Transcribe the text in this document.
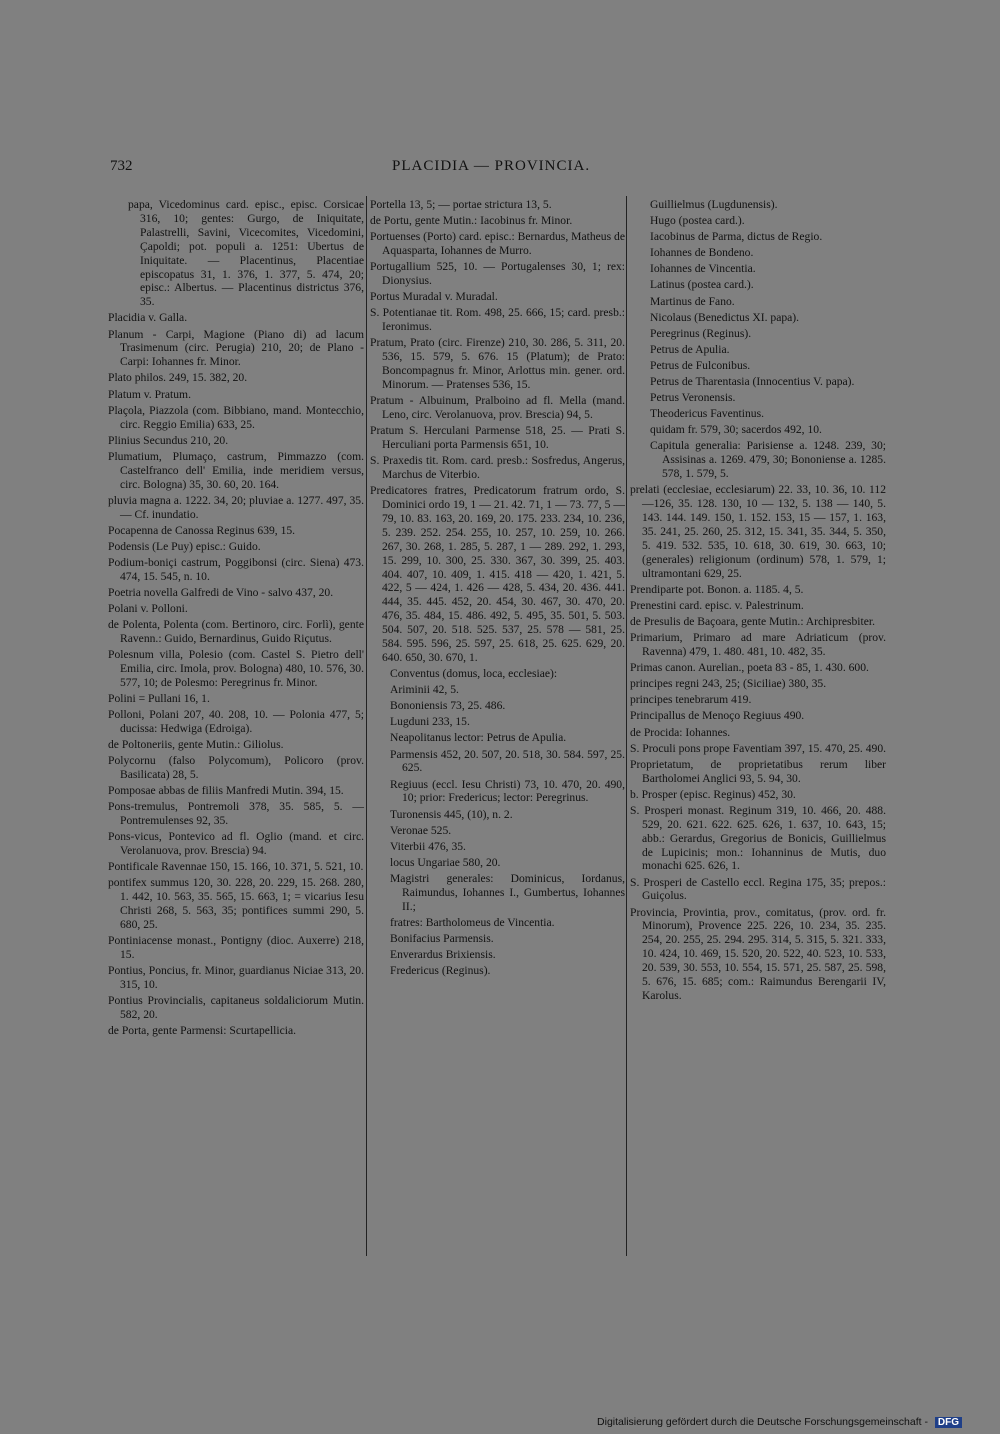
732	PLACIDIA — PROVINCIA.
papa, Vicedominus card. episc., episc. Corsicae 316, 10; gentes: Gurgo, de Iniquitate, Palastrelli, Savini, Vicecomites, Vicedomini, Çapoldi; pot. populi a. 1251: Ubertus de Iniquitate. — Placentinus, Placentiae episcopatus 31, 1. 376, 1. 377, 5. 474, 20; episc.: Albertus. — Placentinus districtus 376, 35.
Placidia v. Galla.
Planum - Carpi, Magione (Piano di) ad lacum Trasimenum (circ. Perugia) 210, 20; de Plano - Carpi: Iohannes fr. Minor.
Plato philos. 249, 15. 382, 20.
Platum v. Pratum.
Plaçola, Piazzola (com. Bibbiano, mand. Montecchio, circ. Reggio Emilia) 633, 25.
Plinius Secundus 210, 20.
Plumatium, Plumaço, castrum, Pimmazzo (com. Castelfranco dell' Emilia, inde meridiem versus, circ. Bologna) 35, 30. 60, 20. 164.
pluvia magna a. 1222. 34, 20; pluviae a. 1277. 497, 35. — Cf. inundatio.
Pocapenna de Canossa Reginus 639, 15.
Podensis (Le Puy) episc.: Guido.
Podium-boniçi castrum, Poggibonsi (circ. Siena) 473. 474, 15. 545, n. 10.
Poetria novella Galfredi de Vino - salvo 437, 20.
Polani v. Polloni.
de Polenta, Polenta (com. Bertinoro, circ. Forlì), gente Ravenn.: Guido, Bernardinus, Guido Riçutus.
Polesnum villa, Polesio (com. Castel S. Pietro dell' Emilia, circ. Imola, prov. Bologna) 480, 10. 576, 30. 577, 10; de Polesmo: Peregrinus fr. Minor.
Polini = Pullani 16, 1.
Polloni, Polani 207, 40. 208, 10. — Polonia 477, 5; ducissa: Hedwiga (Edroiga).
de Poltoneriis, gente Mutin.: Giliolus.
Polycornu (falso Polycomum), Policoro (prov. Basilicata) 28, 5.
Pomposae abbas de filiis Manfredi Mutin. 394, 15.
Pons-tremulus, Pontremoli 378, 35. 585, 5. — Pontremulenses 92, 35.
Pons-vicus, Pontevico ad fl. Oglio (mand. et circ. Verolanuova, prov. Brescia) 94.
Pontificale Ravennae 150, 15. 166, 10. 371, 5. 521, 10.
pontifex summus 120, 30. 228, 20. 229, 15. 268. 280, 1. 442, 10. 563, 35. 565, 15. 663, 1; = vicarius Iesu Christi 268, 5. 563, 35; pontifices summi 290, 5. 680, 25.
Pontiniacense monast., Pontigny (dioc. Auxerre) 218, 15.
Pontius, Poncius, fr. Minor, guardianus Niciae 313, 20. 315, 10.
Pontius Provincialis, capitaneus soldaliciorum Mutin. 582, 20.
de Porta, gente Parmensi: Scurtapellicia.
Portella 13, 5; — portae strictura 13, 5.
de Portu, gente Mutin.: Iacobinus fr. Minor.
Portuenses (Porto) card. episc.: Bernardus, Matheus de Aquasparta, Iohannes de Murro.
Portugallium 525, 10. — Portugalenses 30, 1; rex: Dionysius.
Portus Muradal v. Muradal.
S. Potentianae tit. Rom. 498, 25. 666, 15; card. presb.: Ieronimus.
Pratum, Prato (circ. Firenze) 210, 30. 286, 5. 311, 20. 536, 15. 579, 5. 676. 15 (Platum); de Prato: Boncompagnus fr. Minor, Arlottus min. gener. ord. Minorum. — Pratenses 536, 15.
Pratum - Albuinum, Pralboino ad fl. Mella (mand. Leno, circ. Verolanuova, prov. Brescia) 94, 5.
Pratum S. Herculani Parmense 518, 25. — Prati S. Herculiani porta Parmensis 651, 10.
S. Praxedis tit. Rom. card. presb.: Sosfredus, Angerus, Marchus de Viterbio.
Predicatores fratres, Predicatorum fratrum ordo, S. Dominici ordo 19, 1 — 21. 42. 71, 1 — 73. 77, 5 — 79, 10. 83. 163, 20. 169, 20. 175. 233. 234, 10. 236, 5. 239. 252. 254. 255, 10. 257, 10. 259, 10. 266. 267, 30. 268, 1. 285, 5. 287, 1 — 289. 292, 1. 293, 15. 299, 10. 300, 25. 330. 367, 30. 399, 25. 403. 404. 407, 10. 409, 1. 415. 418 — 420, 1. 421, 5. 422, 5 — 424, 1. 426 — 428, 5. 434, 20. 436. 441. 444, 35. 445. 452, 20. 454, 30. 467, 30. 470, 20. 476, 35. 484, 15. 486. 492, 5. 495, 35. 501, 5. 503. 504. 507, 20. 518. 525. 537, 25. 578 — 581, 25. 584. 595. 596, 25. 597, 25. 618, 25. 625. 629, 20. 640. 650, 30. 670, 1.
Conventus (domus, loca, ecclesiae):
Ariminii 42, 5.
Bononiensis 73, 25. 486.
Lugduni 233, 15.
Neapolitanus lector: Petrus de Apulia.
Parmensis 452, 20. 507, 20. 518, 30. 584. 597, 25. 625.
Regiuus (eccl. Iesu Christi) 73, 10. 470, 20. 490, 10; prior: Fredericus; lector: Peregrinus.
Turonensis 445, (10), n. 2.
Veronae 525.
Viterbii 476, 35.
locus Ungariae 580, 20.
Magistri generales: Dominicus, Iordanus, Raimundus, Iohannes I., Gumbertus, Iohannes II.;
fratres: Bartholomeus de Vincentia.
Bonifacius Parmensis.
Enverardus Brixiensis.
Fredericus (Reginus).
Guillielmus (Lugdunensis).
Hugo (postea card.).
Iacobinus de Parma, dictus de Regio.
Iohannes de Bondeno.
Iohannes de Vincentia.
Latinus (postea card.).
Martinus de Fano.
Nicolaus (Benedictus XI. papa).
Peregrinus (Reginus).
Petrus de Apulia.
Petrus de Fulconibus.
Petrus de Tharentasia (Innocentius V. papa).
Petrus Veronensis.
Theodericus Faventinus.
quidam fr. 579, 30; sacerdos 492, 10.
Capitula generalia: Parisiense a. 1248. 239, 30; Assisinas a. 1269. 479, 30; Bononiense a. 1285. 578, 1. 579, 5.
prelati (ecclesiae, ecclesiarum) 22. 33, 10. 36, 10. 112—126, 35. 128. 130, 10 — 132, 5. 138 — 140, 5. 143. 144. 149. 150, 1. 152. 153, 15 — 157, 1. 163, 35. 241, 25. 260, 25. 312, 15. 341, 35. 344, 5. 350, 5. 419. 532. 535, 10. 618, 30. 619, 30. 663, 10; (generales) religionum (ordinum) 578, 1. 579, 1; ultramontani 629, 25.
Prendiparte pot. Bonon. a. 1185. 4, 5.
Prenestini card. episc. v. Palestrinum.
de Presulis de Baçoara, gente Mutin.: Archipresbiter.
Primarium, Primaro ad mare Adriaticum (prov. Ravenna) 479, 1. 480. 481, 10. 482, 35.
Primas canon. Aurelian., poeta 83 - 85, 1. 430. 600.
principes regni 243, 25; (Siciliae) 380, 35.
principes tenebrarum 419.
Principallus de Menoço Regiuus 490.
de Procida: Iohannes.
S. Proculi pons prope Faventiam 397, 15. 470, 25. 490.
Proprietatum, de proprietatibus rerum liber Bartholomei Anglici 93, 5. 94, 30.
b. Prosper (episc. Reginus) 452, 30.
S. Prosperi monast. Reginum 319, 10. 466, 20. 488. 529, 20. 621. 622. 625. 626, 1. 637, 10. 643, 15; abb.: Gerardus, Gregorius de Bonicis, Guillielmus de Lupicinis; mon.: Iohanninus de Mutis, duo monachi 625. 626, 1.
S. Prosperi de Castello eccl. Regina 175, 35; prepos.: Guiçolus.
Provincia, Provintia, prov., comitatus, (prov. ord. fr. Minorum), Provence 225. 226, 10. 234, 35. 235. 254, 20. 255, 25. 294. 295. 314, 5. 315, 5. 321. 333, 10. 424, 10. 469, 15. 520, 20. 522, 40. 523, 10. 533, 20. 539, 30. 553, 10. 554, 15. 571, 25. 587, 25. 598, 5. 676, 15. 685; com.: Raimundus Berengarii IV, Karolus.
Digitalisierung gefördert durch die Deutsche Forschungsgemeinschaft - DFG
